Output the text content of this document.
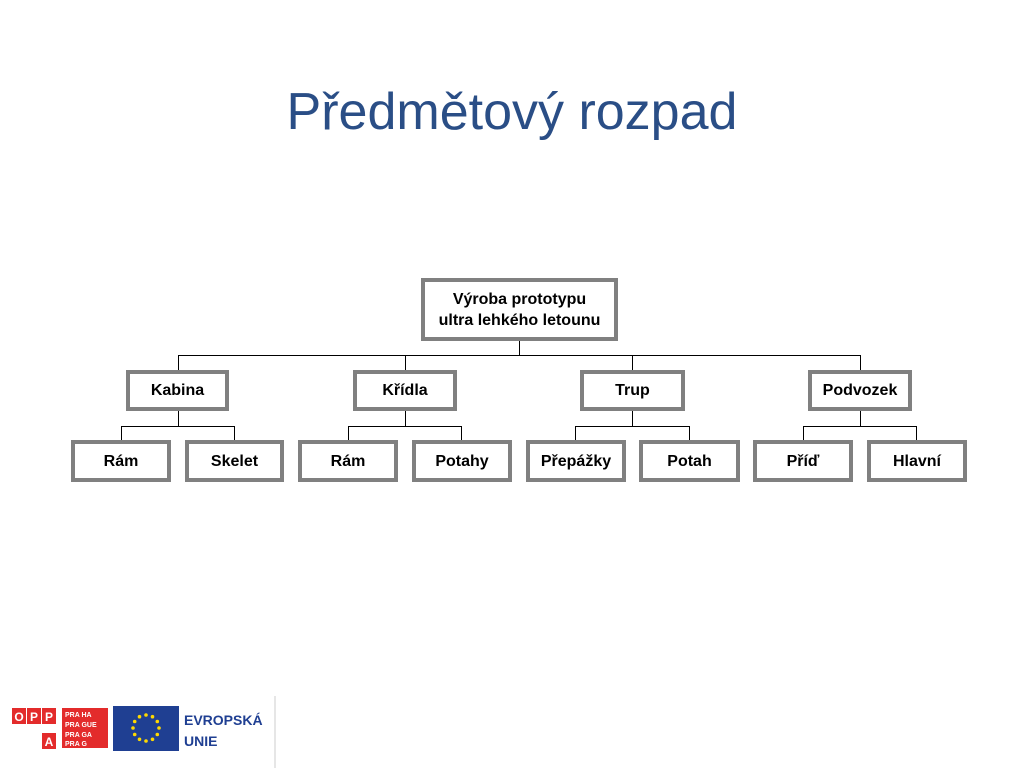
Předmětový rozpad
Výroba prototypu
ultra lehkého letounu
Kabina	Křídla	Trup	Podvozek
Rám	Skelet	Rám	Potahy	Přepážky	Potah	Příď	Hlavní
O P P
A
PRA HA
PRA GUE
PRA GA
PRA G
EVROPSKÁ
UNIE
